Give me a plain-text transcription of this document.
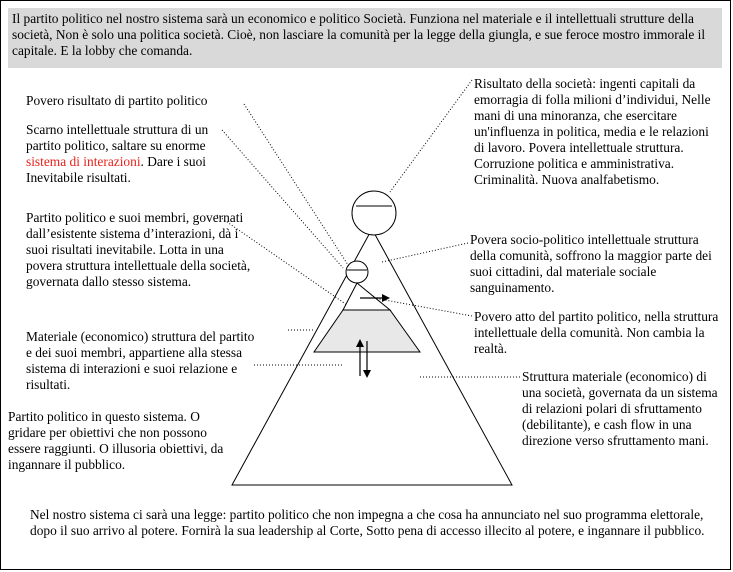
Il partito politico nel nostro sistema sarà un economico e politico Società. Funziona nel materiale e il intellettuali strutture della società, Non è solo una politica società. Cioè, non lasciare la comunità per la legge della giungla, e sue feroce mostro immorale il capitale. E la lobby che comanda.
Povero risultato di partito politico
Scarno intellettuale struttura di un partito politico, saltare su enorme sistema di interazioni. Dare i suoi Inevitabile risultati.
Partito politico e suoi membri, governati dall’esistente sistema d’interazioni, dà i suoi risultati inevitabile. Lotta in una povera struttura intellettuale della società, governata dallo stesso sistema.
Materiale (economico) struttura del partito e dei suoi membri, appartiene alla stessa sistema di interazioni e suoi relazione e risultati.
Partito politico in questo sistema. O gridare per obiettivi che non possono essere raggiunti. O illusoria obiettivi, da ingannare il pubblico.
Risultato della società: ingenti capitali da emorragia di folla milioni d’individui, Nelle mani di una minoranza, che esercitare un'influenza in politica, media e le relazioni di lavoro. Povera intellettuale struttura. Corruzione politica e amministrativa. Criminalità. Nuova analfabetismo.
Povera socio-politico intellettuale struttura della comunità, soffrono la maggior parte dei suoi cittadini, dal materiale sociale sanguinamento.
Povero atto del partito politico, nella struttura intellettuale della comunità. Non cambia la realtà.
Struttura materiale (economico) di una società, governata da un sistema di relazioni polari di sfruttamento (debilitante), e cash flow in una direzione verso sfruttamento mani.
Nel nostro sistema ci sarà una legge: partito politico che non impegna a che cosa ha annunciato nel suo programma elettorale, dopo il suo arrivo al potere. Fornirà la sua leadership al Corte, Sotto pena di accesso illecito al potere, e ingannare il pubblico.
